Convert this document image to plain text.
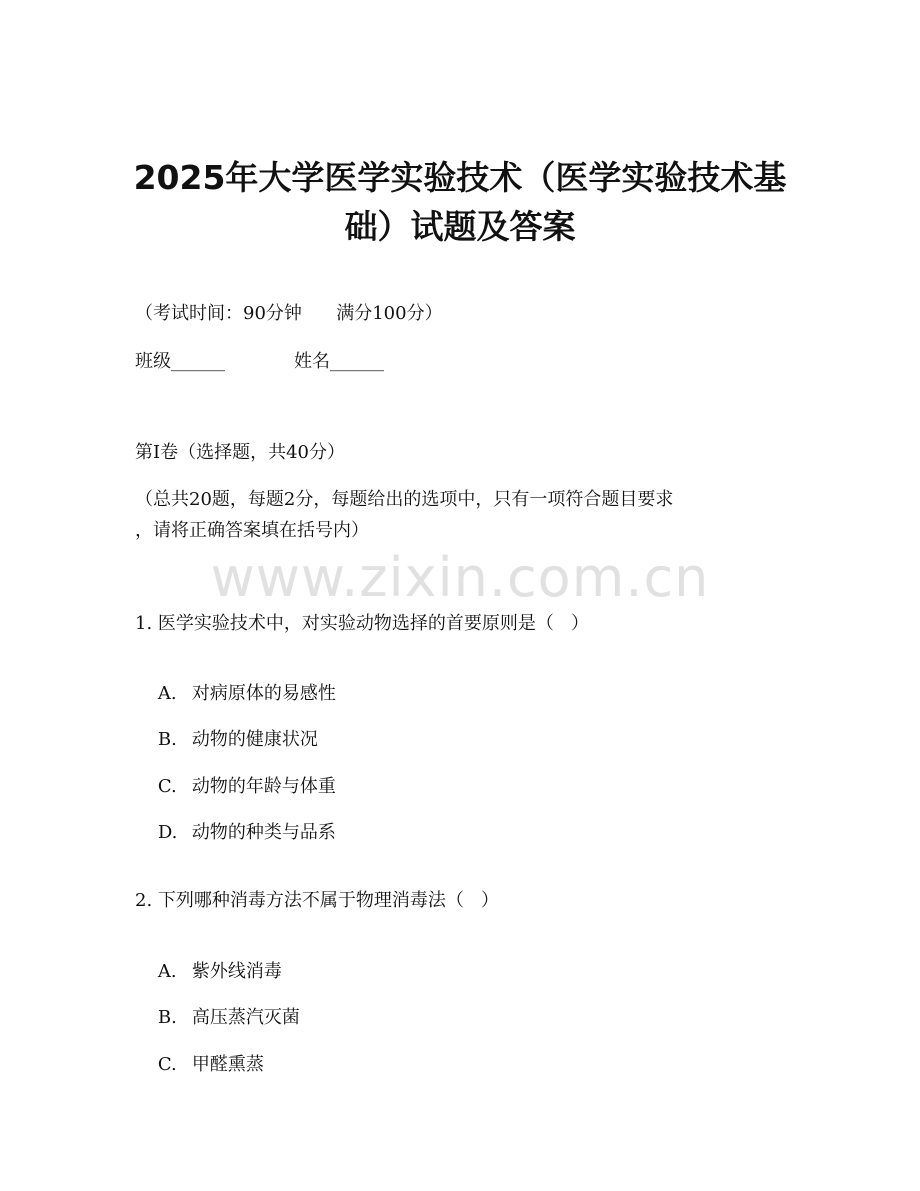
2025年大学医学实验技术（医学实验技术基
础）试题及答案
（考试时间：90分钟      满分100分）
班级______	姓名______
第I卷（选择题，共40分）
（总共20题，每题2分，每题给出的选项中，只有一项符合题目要求
，请将正确答案填在括号内）
www.zixin.com.cn
1. 医学实验技术中，对实验动物选择的首要原则是（   ）

A. 对病原体的易感性

B. 动物的健康状况

C. 动物的年龄与体重

D. 动物的种类与品系

2. 下列哪种消毒方法不属于物理消毒法（   ）

A. 紫外线消毒

B. 高压蒸汽灭菌

C. 甲醛熏蒸
